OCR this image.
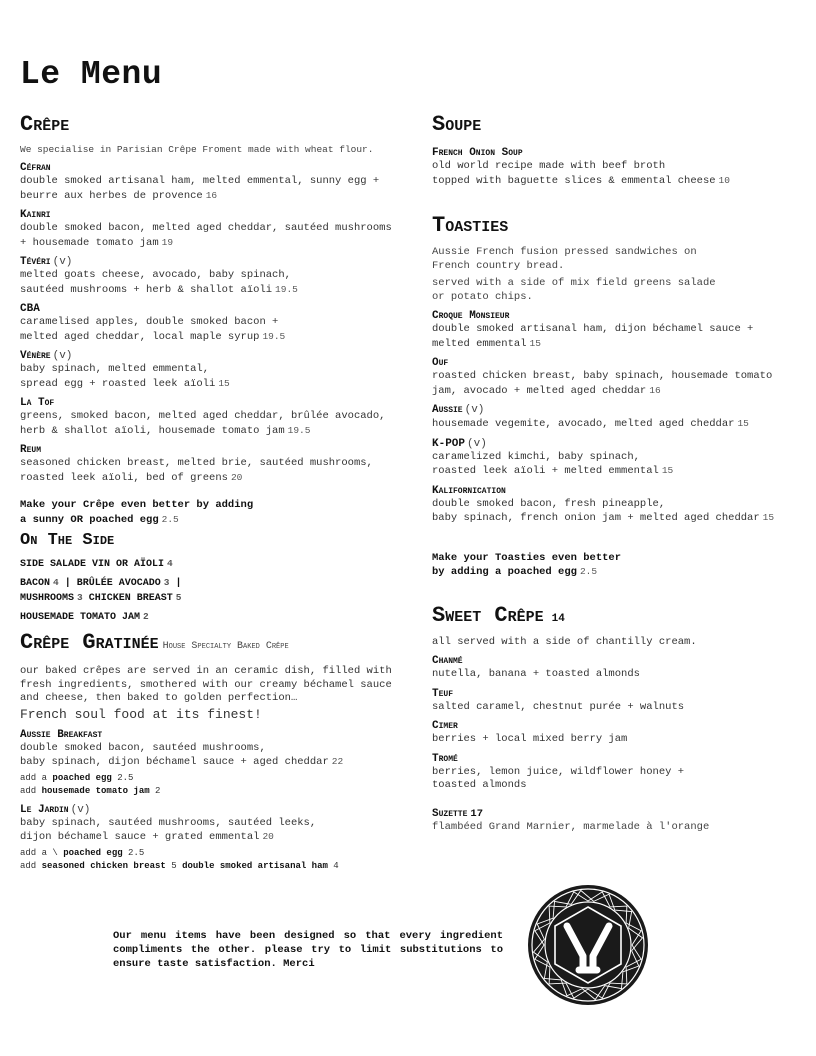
Le Menu
Crêpe
We specialise in Parisian Crêpe Froment made with wheat flour.
Céfran
double smoked artisanal ham, melted emmental, sunny egg +
beurre aux herbes de provence 16
Kainri
double smoked bacon, melted aged cheddar, sautéed mushrooms
+ housemade tomato jam 19
Tévéri (v)
melted goats cheese, avocado, baby spinach,
sautéed mushrooms + herb & shallot aïoli 19.5
CBA
caramelised apples, double smoked bacon +
melted aged cheddar, local maple syrup 19.5
Vénère (v)
baby spinach, melted emmental,
spread egg + roasted leek aïoli 15
La Tof
greens, smoked bacon, melted aged cheddar, brûlée avocado,
herb & shallot aïoli, housemade tomato jam 19.5
Reum
seasoned chicken breast, melted brie, sautéed mushrooms,
roasted leek aïoli, bed of greens 20
Make your Crêpe even better by adding
a sunny OR poached egg 2.5
On The Side
SIDE SALADE VIN OR AÏOLI 4
BACON 4 | BRÛLÉE AVOCADO 3 |
MUSHROOMS 3 CHICKEN BREAST 5
HOUSEMADE TOMATO JAM 2
Crêpe Gratinée House Specialty Baked Crêpe
our baked crêpes are served in an ceramic dish, filled with
fresh ingredients, smothered with our creamy béchamel sauce
and cheese, then baked to golden perfection…
French soul food at its finest!
Aussie Breakfast
double smoked bacon, sautéed mushrooms,
baby spinach, dijon béchamel sauce + aged cheddar 22
add a poached egg 2.5
add housemade tomato jam 2
Le Jardin (v)
baby spinach, sautéed mushrooms, sautéed leeks,
dijon béchamel sauce + grated emmental 20
add a \ poached egg 2.5
add seasoned chicken breast 5 double smoked artisanal ham 4
Soupe
French Onion Soup
old world recipe made with beef broth
topped with baguette slices & emmental cheese 10
Toasties
Aussie French fusion pressed sandwiches on
French country bread.
served with a side of mix field greens salade
or potato chips.
Croque Monsieur
double smoked artisanal ham, dijon béchamel sauce +
melted emmental 15
Ouf
roasted chicken breast, baby spinach, housemade tomato
jam, avocado + melted aged cheddar 16
Aussie (v)
housemade vegemite, avocado, melted aged cheddar 15
K-POP (v)
caramelized kimchi, baby spinach,
roasted leek aïoli + melted emmental 15
Kalifornication
double smoked bacon, fresh pineapple,
baby spinach, french onion jam + melted aged cheddar 15
Make your Toasties even better
by adding a poached egg 2.5
Sweet Crêpe 14
all served with a side of chantilly cream.
Chanmé
nutella, banana + toasted almonds
Teuf
salted caramel, chestnut purée + walnuts
Cimer
berries + local mixed berry jam
Tromé
berries, lemon juice, wildflower honey +
toasted almonds
Suzette 17
flambéed Grand Marnier, marmelade à l'orange
Our menu items have been designed so that every ingredient compliments the other. please try to limit substitutions to ensure taste satisfaction. Merci
